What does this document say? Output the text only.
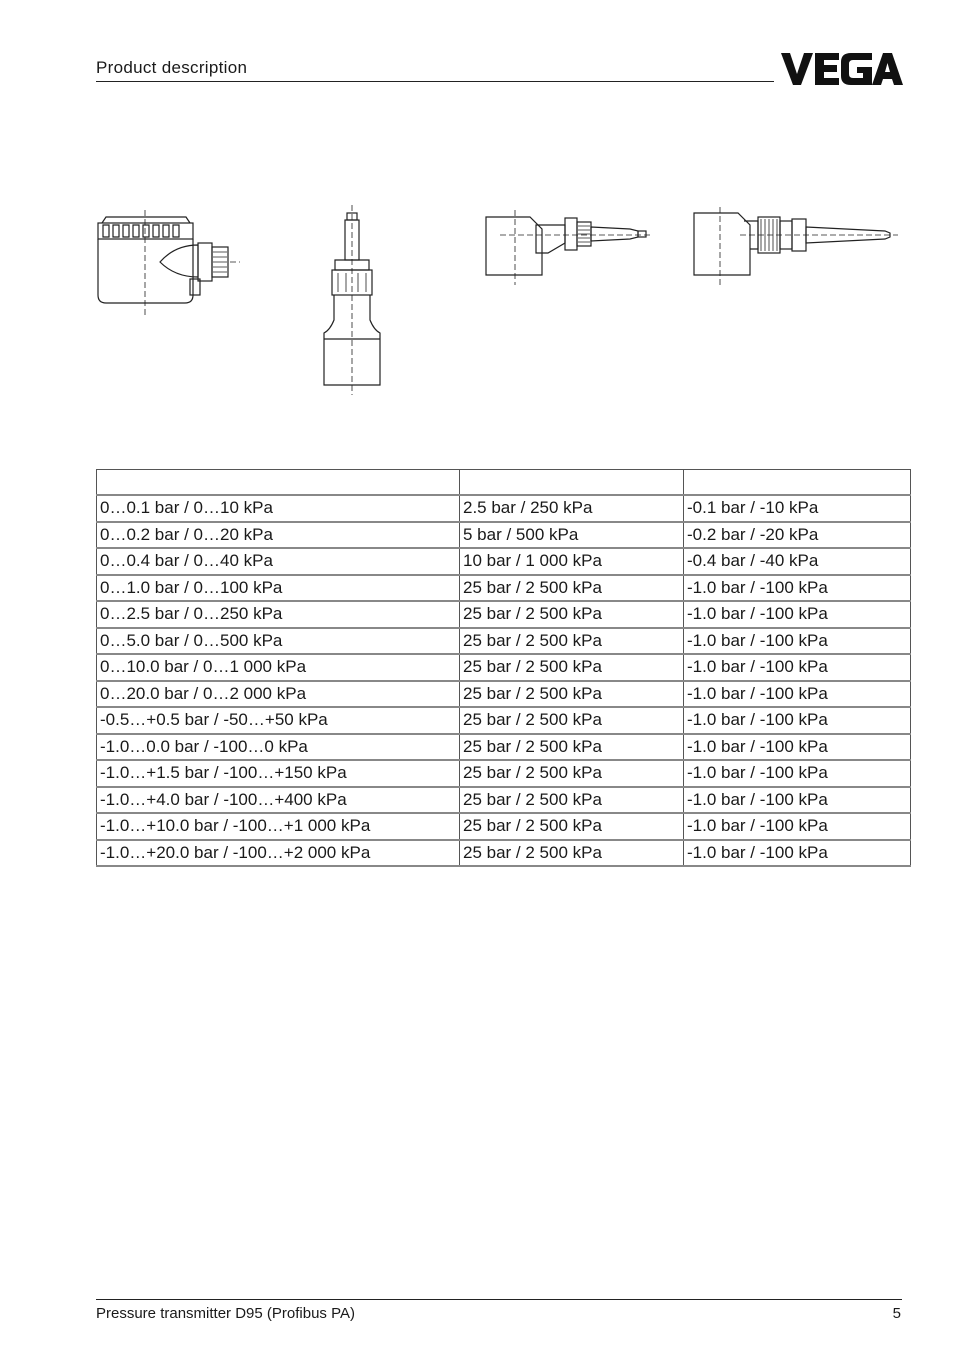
Product description

0…0.1 bar / 0…10 kPa	2.5 bar / 250 kPa	-0.1 bar / -10 kPa
0…0.2 bar / 0…20 kPa	5 bar / 500 kPa	-0.2 bar / -20 kPa
0…0.4 bar / 0…40 kPa	10 bar / 1 000 kPa	-0.4 bar / -40 kPa
0…1.0 bar / 0…100 kPa	25 bar / 2 500 kPa	-1.0 bar / -100 kPa
0…2.5 bar / 0…250 kPa	25 bar / 2 500 kPa	-1.0 bar / -100 kPa
0…5.0 bar / 0…500 kPa	25 bar / 2 500 kPa	-1.0 bar / -100 kPa
0…10.0 bar / 0…1 000 kPa	25 bar / 2 500 kPa	-1.0 bar / -100 kPa
0…20.0 bar / 0…2 000 kPa	25 bar / 2 500 kPa	-1.0 bar / -100 kPa
-0.5…+0.5 bar / -50…+50 kPa	25 bar / 2 500 kPa	-1.0 bar / -100 kPa
-1.0…0.0 bar / -100…0 kPa	25 bar / 2 500 kPa	-1.0 bar / -100 kPa
-1.0…+1.5 bar / -100…+150 kPa	25 bar / 2 500 kPa	-1.0 bar / -100 kPa
-1.0…+4.0 bar / -100…+400 kPa	25 bar / 2 500 kPa	-1.0 bar / -100 kPa
-1.0…+10.0 bar / -100…+1 000 kPa	25 bar / 2 500 kPa	-1.0 bar / -100 kPa
-1.0…+20.0 bar / -100…+2 000 kPa	25 bar / 2 500 kPa	-1.0 bar / -100 kPa
Pressure transmitter D95 (Profibus PA)	5
